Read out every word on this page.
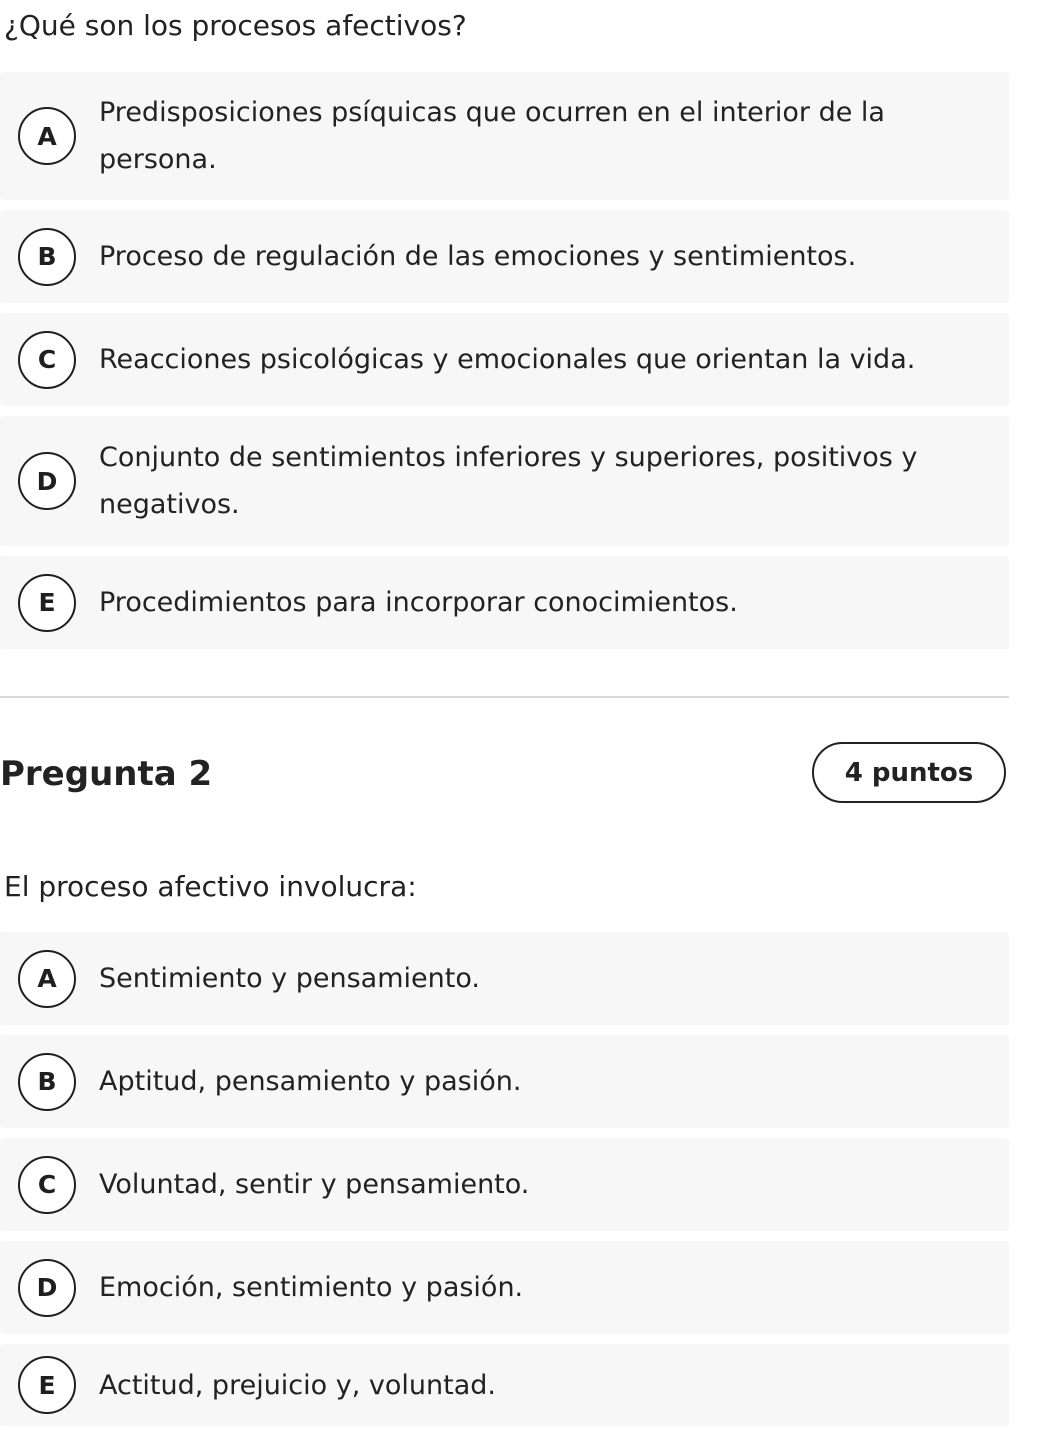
¿Qué son los procesos afectivos?
A
Predisposiciones psíquicas que ocurren en el interior de la persona.
B	Proceso de regulación de las emociones y sentimientos.
C	Reacciones psicológicas y emocionales que orientan la vida.
D
Conjunto de sentimientos inferiores y superiores, positivos y negativos.
E	Procedimientos para incorporar conocimientos.
Pregunta 2	4 puntos
El proceso afectivo involucra:
A	Sentimiento y pensamiento.
B	Aptitud, pensamiento y pasión.
C	Voluntad, sentir y pensamiento.
D	Emoción, sentimiento y pasión.
E	Actitud, prejuicio y, voluntad.
